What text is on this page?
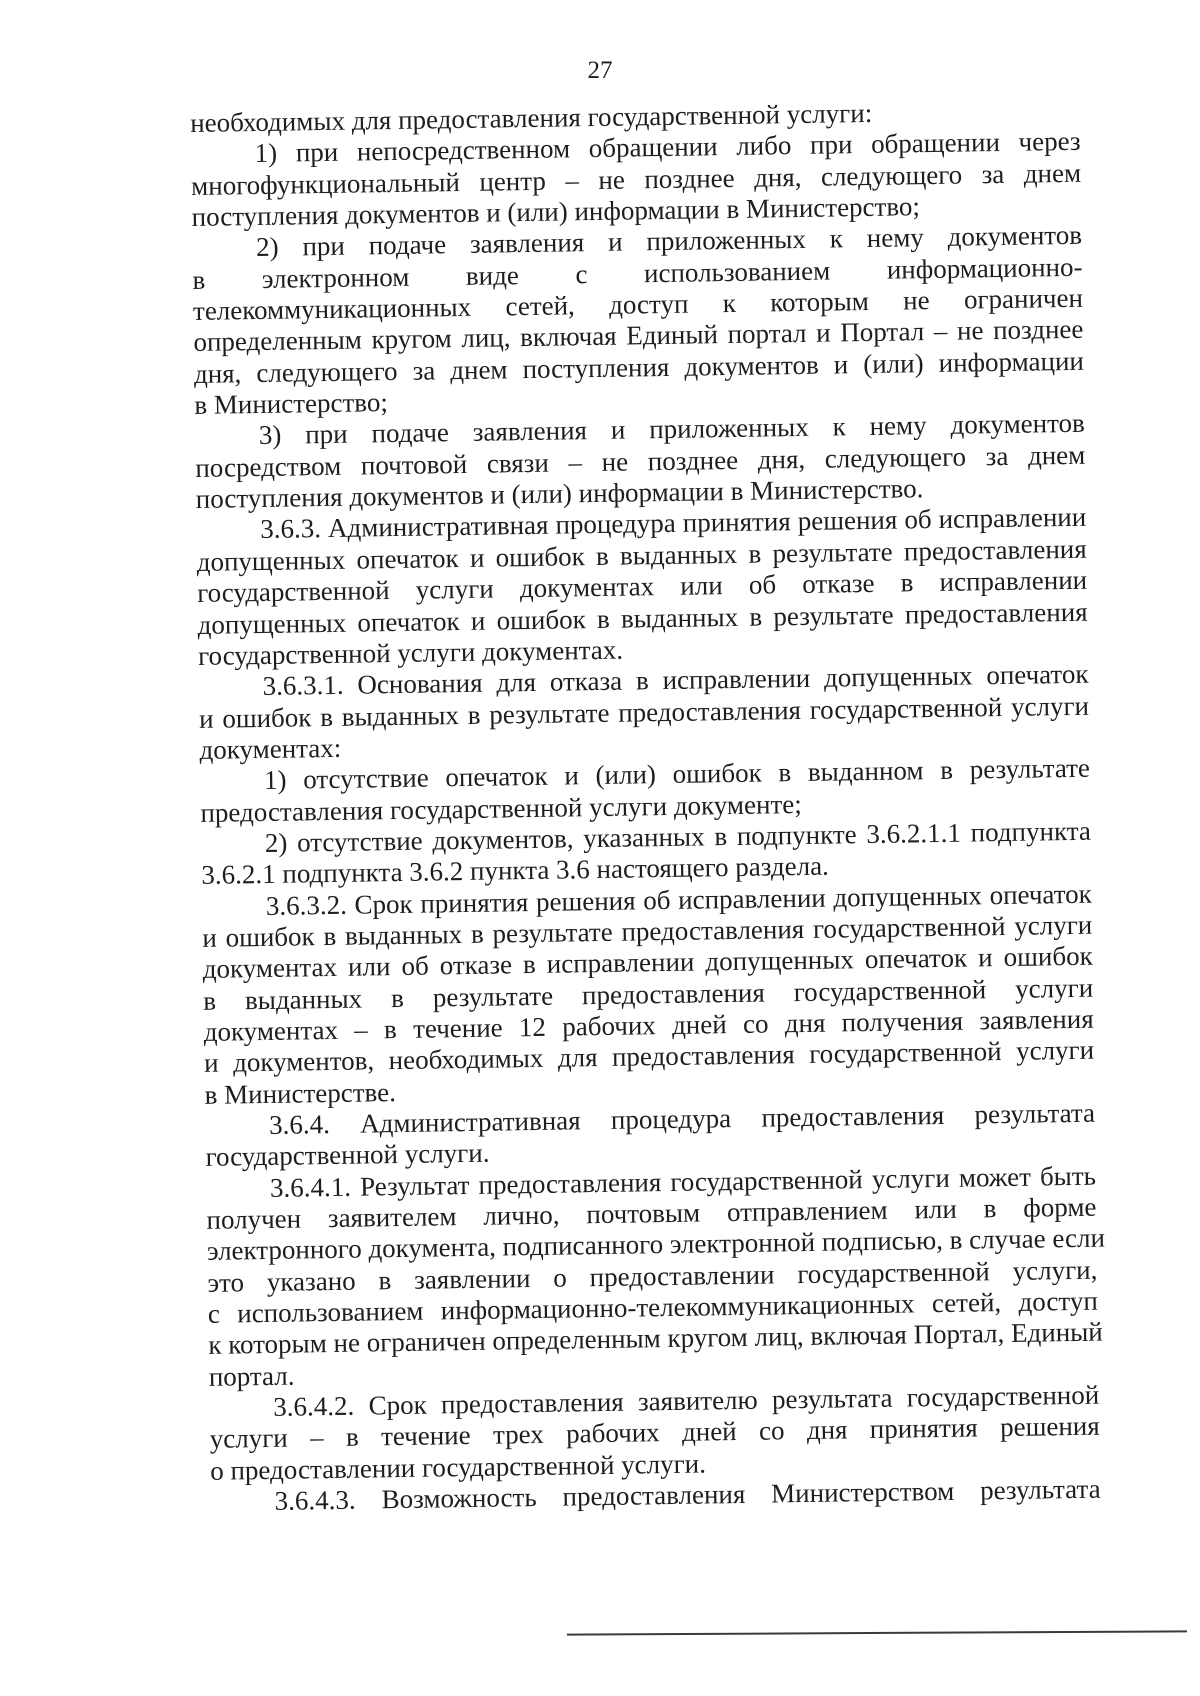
27
необходимых для предоставления государственной услуги:
1) при непосредственном обращении либо при обращении через
многофункциональный центр – не позднее дня, следующего за днем
поступления документов и (или) информации в Министерство;
2) при подаче заявления и приложенных к нему документов
в электронном виде с использованием информационно-
телекоммуникационных сетей, доступ к которым не ограничен
определенным кругом лиц, включая Единый портал и Портал – не позднее
дня, следующего за днем поступления документов и (или) информации
в Министерство;
3) при подаче заявления и приложенных к нему документов
посредством почтовой связи – не позднее дня, следующего за днем
поступления документов и (или) информации в Министерство.
3.6.3. Административная процедура принятия решения об исправлении
допущенных опечаток и ошибок в выданных в результате предоставления
государственной услуги документах или об отказе в исправлении
допущенных опечаток и ошибок в выданных в результате предоставления
государственной услуги документах.
3.6.3.1. Основания для отказа в исправлении допущенных опечаток
и ошибок в выданных в результате предоставления государственной услуги
документах:
1) отсутствие опечаток и (или) ошибок в выданном в результате
предоставления государственной услуги документе;
2) отсутствие документов, указанных в подпункте 3.6.2.1.1 подпункта
3.6.2.1 подпункта 3.6.2 пункта 3.6 настоящего раздела.
3.6.3.2. Срок принятия решения об исправлении допущенных опечаток
и ошибок в выданных в результате предоставления государственной услуги
документах или об отказе в исправлении допущенных опечаток и ошибок
в выданных в результате предоставления государственной услуги
документах – в течение 12 рабочих дней со дня получения заявления
и документов, необходимых для предоставления государственной услуги
в Министерстве.
3.6.4. Административная процедура предоставления результата
государственной услуги.
3.6.4.1. Результат предоставления государственной услуги может быть
получен заявителем лично, почтовым отправлением или в форме
электронного документа, подписанного электронной подписью, в случае если
это указано в заявлении о предоставлении государственной услуги,
с использованием информационно-телекоммуникационных сетей, доступ
к которым не ограничен определенным кругом лиц, включая Портал, Единый
портал.
3.6.4.2. Срок предоставления заявителю результата государственной
услуги – в течение трех рабочих дней со дня принятия решения
о предоставлении государственной услуги.
3.6.4.3. Возможность предоставления Министерством результата
